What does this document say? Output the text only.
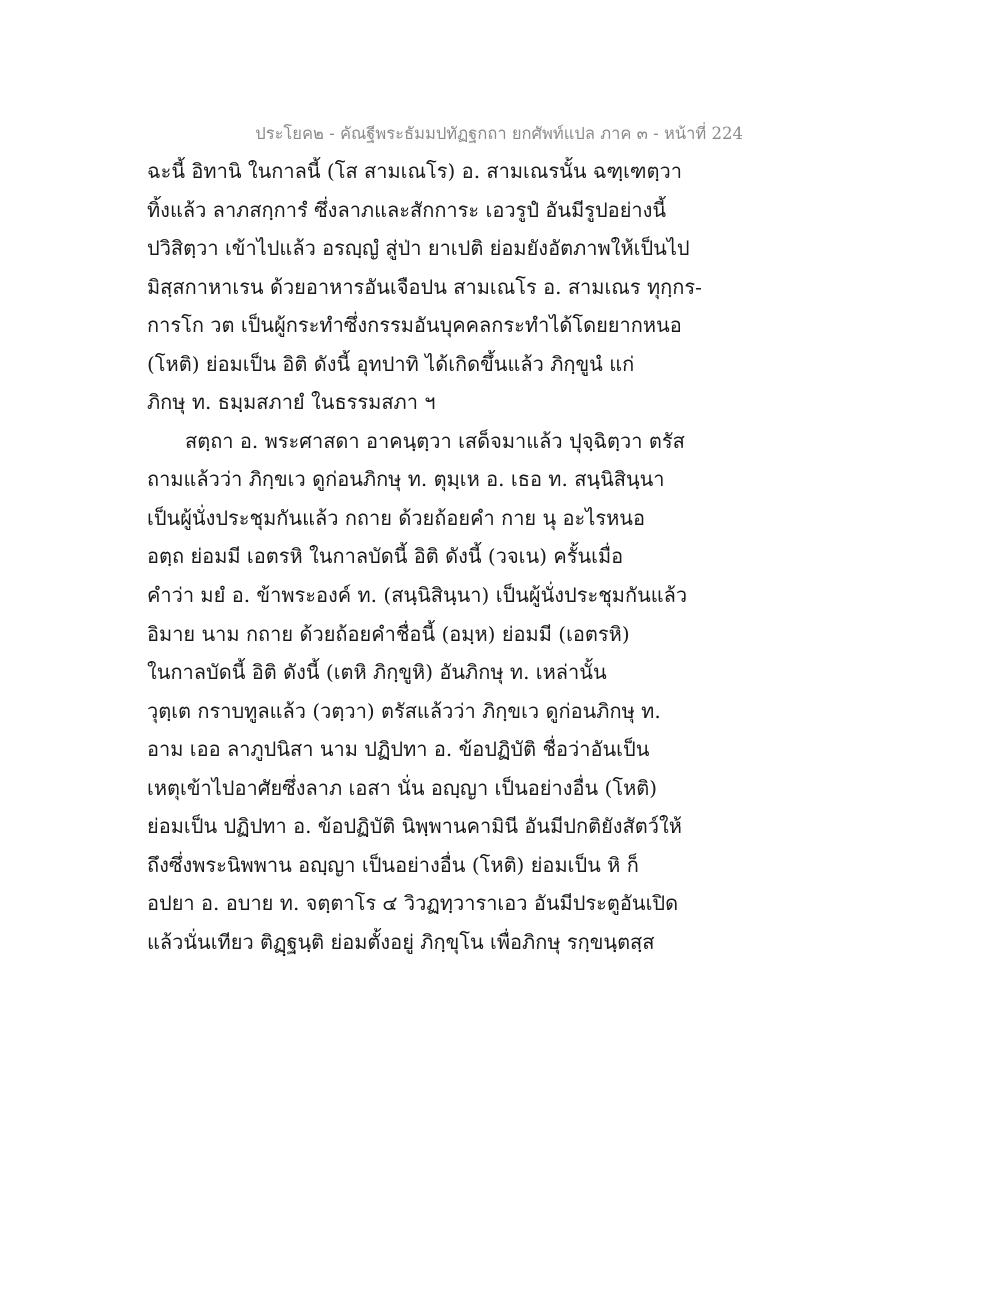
ประโยค๒ - คัณฐีพระธัมมปทัฏฐกถา ยกศัพท์แปล ภาค ๓ - หน้าที่ 224
ฉะนี้ อิทานิ ในกาลนี้ (โส สามเณโร) อ. สามเณรนั้น ฉฑฺเฑตฺวา
ทิ้งแล้ว ลาภสกฺการํ ซึ่งลาภและสักการะ เอวรูปํ อันมีรูปอย่างนี้
ปวิสิตฺวา เข้าไปแล้ว อรญฺญํ สู่ป่า ยาเปติ ย่อมยังอัตภาพให้เป็นไป
มิสฺสกาหาเรน ด้วยอาหารอันเจือปน สามเณโร อ. สามเณร ทุกฺกร-
การโก วต เป็นผู้กระทำซึ่งกรรมอันบุคคลกระทำได้โดยยากหนอ
(โหติ) ย่อมเป็น อิติ ดังนี้ อุทปาทิ ได้เกิดขึ้นแล้ว ภิกฺขูนํ แก่
ภิกษุ ท. ธมฺมสภายํ ในธรรมสภา ฯ
สตฺถา อ. พระศาสดา อาคนฺตฺวา เสด็จมาแล้ว ปุจฺฉิตฺวา ตรัส
ถามแล้วว่า ภิกฺขเว ดูก่อนภิกษุ ท. ตุมฺเห อ. เธอ ท. สนฺนิสินฺนา
เป็นผู้นั่งประชุมกันแล้ว กถาย ด้วยถ้อยคำ กาย นุ อะไรหนอ
อตฺถ ย่อมมี เอตรหิ ในกาลบัดนี้ อิติ ดังนี้ (วจเน) ครั้นเมื่อ
คำว่า มยํ อ. ข้าพระองค์ ท. (สนฺนิสินฺนา) เป็นผู้นั่งประชุมกันแล้ว
อิมาย นาม กถาย ด้วยถ้อยคำชื่อนี้ (อมฺห) ย่อมมี (เอตรหิ)
ในกาลบัดนี้ อิติ ดังนี้ (เตหิ ภิกฺขูหิ) อันภิกษุ ท. เหล่านั้น
วุตฺเต กราบทูลแล้ว (วตฺวา) ตรัสแล้วว่า ภิกฺขเว ดูก่อนภิกษุ ท.
อาม เออ ลาภูปนิสา นาม ปฏิปทา อ. ข้อปฏิบัติ ชื่อว่าอันเป็น
เหตุเข้าไปอาศัยซึ่งลาภ เอสา นั่น อญฺญา เป็นอย่างอื่น (โหติ)
ย่อมเป็น ปฏิปทา อ. ข้อปฏิบัติ นิพฺพานคามินี อันมีปกติยังสัตว์ให้
ถึงซึ่งพระนิพพาน อญฺญา เป็นอย่างอื่น (โหติ) ย่อมเป็น หิ ก็
อปยา อ. อบาย ท. จตฺตาโร ๔ วิวฏทฺวาราเอว อันมีประตูอันเปิด
แล้วนั่นเทียว ติฏฺฐนฺติ ย่อมตั้งอยู่ ภิกฺขุโน เพื่อภิกษุ รกฺขนฺตสฺส
